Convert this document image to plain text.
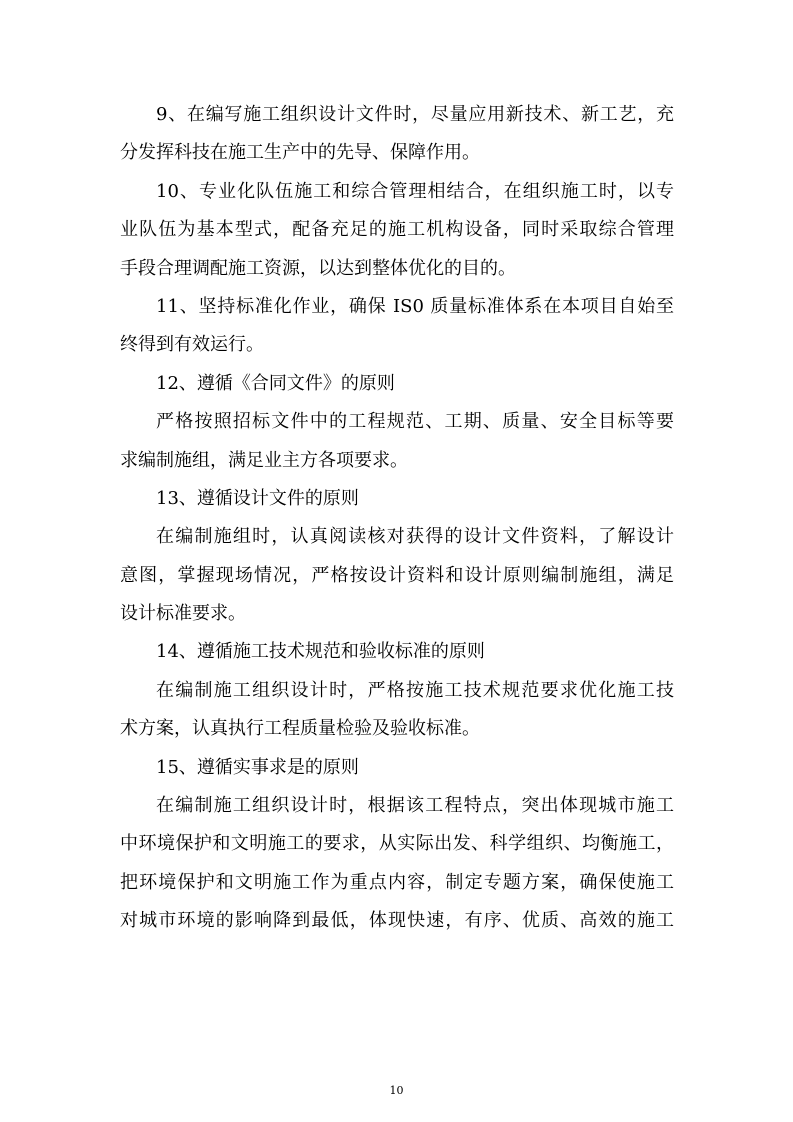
9、在编写施工组织设计文件时，尽量应用新技术、新工艺，充
分发挥科技在施工生产中的先导、保障作用。
10、专业化队伍施工和综合管理相结合，在组织施工时，以专
业队伍为基本型式，配备充足的施工机构设备，同时采取综合管理
手段合理调配施工资源，以达到整体优化的目的。
11、坚持标准化作业，确保 IS0 质量标准体系在本项目自始至
终得到有效运行。
12、遵循《合同文件》的原则
严格按照招标文件中的工程规范、工期、质量、安全目标等要
求编制施组，满足业主方各项要求。
13、遵循设计文件的原则
在编制施组时，认真阅读核对获得的设计文件资料，了解设计
意图，掌握现场情况，严格按设计资料和设计原则编制施组，满足
设计标准要求。
14、遵循施工技术规范和验收标准的原则
在编制施工组织设计时，严格按施工技术规范要求优化施工技
术方案，认真执行工程质量检验及验收标准。
15、遵循实事求是的原则
在编制施工组织设计时，根据该工程特点，突出体现城市施工
中环境保护和文明施工的要求，从实际出发、科学组织、均衡施工，
把环境保护和文明施工作为重点内容，制定专题方案，确保使施工
对城市环境的影响降到最低，体现快速，有序、优质、高效的施工
10
